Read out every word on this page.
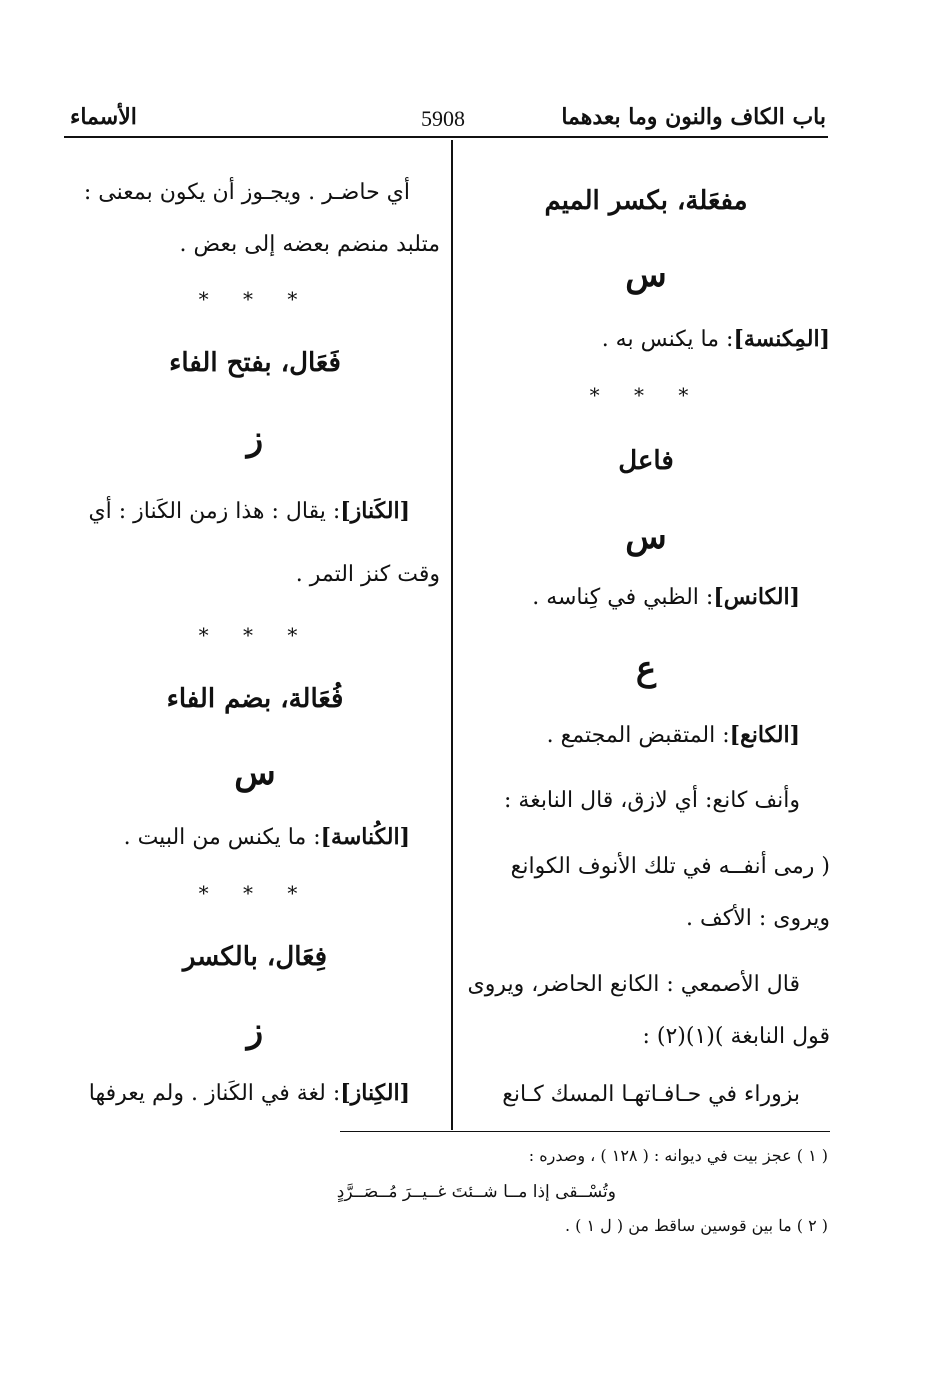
باب الكاف والنون وما بعدهما
5908
الأسماء
مفعَلة، بكسر الميم
س
[المِكنسة]: ما يكنس به .
* * *
فاعل
س
[الكانس]: الظبي في كِناسه .
ع
[الكانع]: المتقبض المجتمع .
وأنف كانع: أي لازق، قال النابغة :
( رمى أنفــه في تلك الأنوف الكوانع
ويروى : الأكف .
قال الأصمعي : الكانع الحاضر، ويروى
قول النابغة )(١)(٢) :
بزوراء في حـافـاتهـا المسك كـانع
أي حاضـر . ويجـوز أن يكون بمعنى :
متلبد منضم بعضه إلى بعض .
* * *
فَعَال، بفتح الفاء
ز
[الكَناز]: يقال : هذا زمن الكَناز : أي
وقت كنز التمر .
* * *
فُعَالة، بضم الفاء
س
[الكُناسة]: ما يكنس من البيت .
* * *
فِعَال، بالكسر
ز
[الكِناز]: لغة في الكَناز . ولم يعرفها
( ١ ) عجز بيت في ديوانه : ( ١٢٨ ) ، وصدره :
وتُسْــقى إذا مــا شــئتَ غــيــرَ مُــصَــرَّدٍ
( ٢ ) ما بين قوسين ساقط من ( ل ١ ) .
